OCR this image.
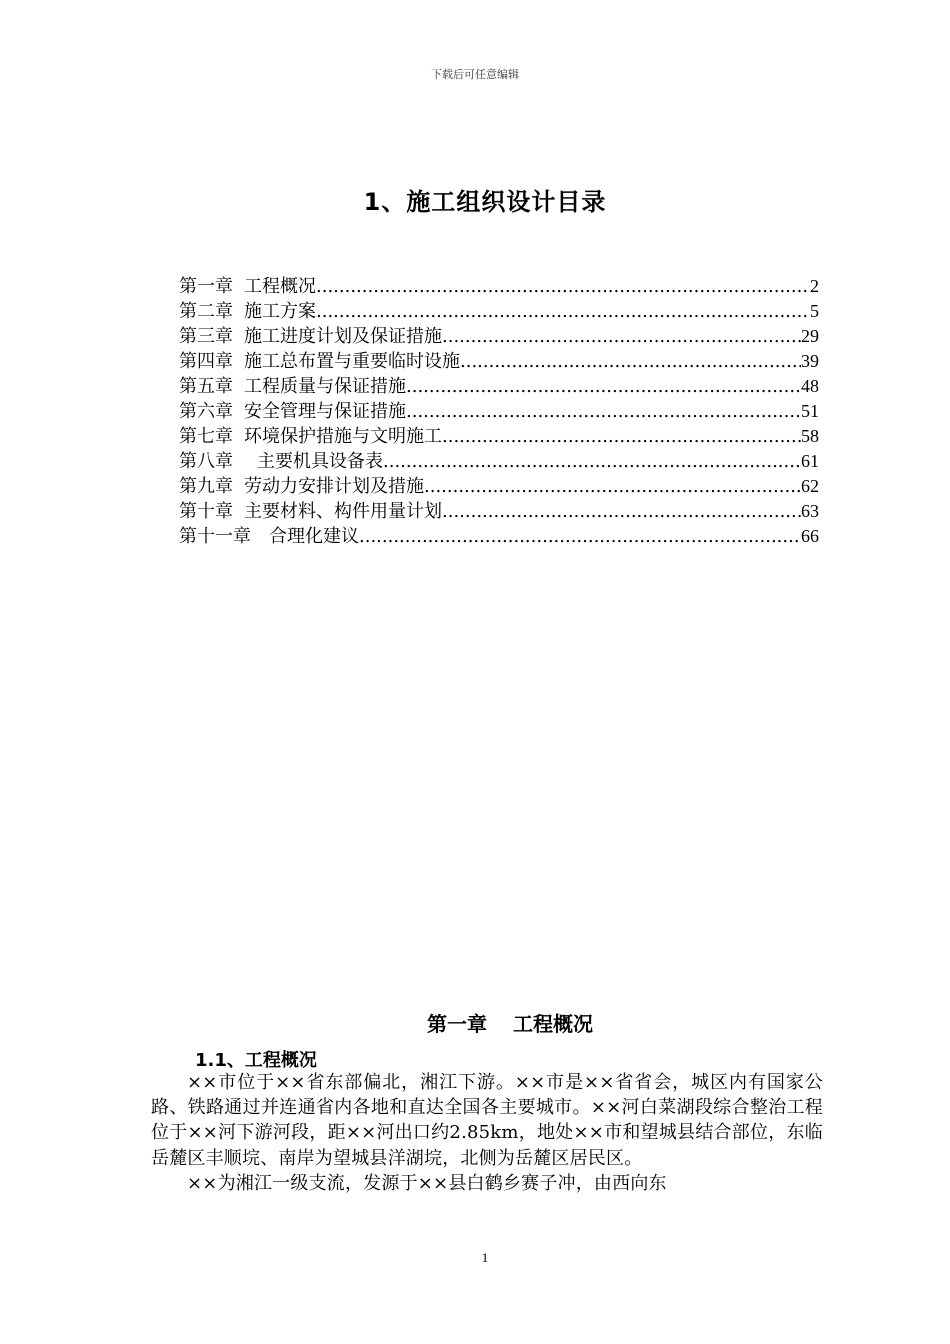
下载后可任意编辑
1、施工组织设计目录
第一章 工程概况 .....	2
第二章 施工方案 .....	5
第三章 施工进度计划及保证措施 .....	29
第四章 施工总布置与重要临时设施 .....	39
第五章 工程质量与保证措施 .....	48
第六章 安全管理与保证措施 .....	51
第七章 环境保护措施与文明施工 .....	58
第八章 主要机具设备表 .....	61
第九章 劳动力安排计划及措施 .....	62
第十章 主要材料、构件用量计划 .....	63
第十一章 合理化建议 .....	66
第一章 工程概况
1.1、工程概况

××市位于××省东部偏北，湘江下游。××市是××省省会，城区内有国家公路、铁路通过并连通省内各地和直达全国各主要城市。××河白菜湖段综合整治工程位于××河下游河段，距××河出口约2.85km，地处××市和望城县结合部位，东临岳麓区丰顺垸、南岸为望城县洋湖垸，北侧为岳麓区居民区。

××为湘江一级支流，发源于××县白鹤乡赛子冲，由西向东

1
